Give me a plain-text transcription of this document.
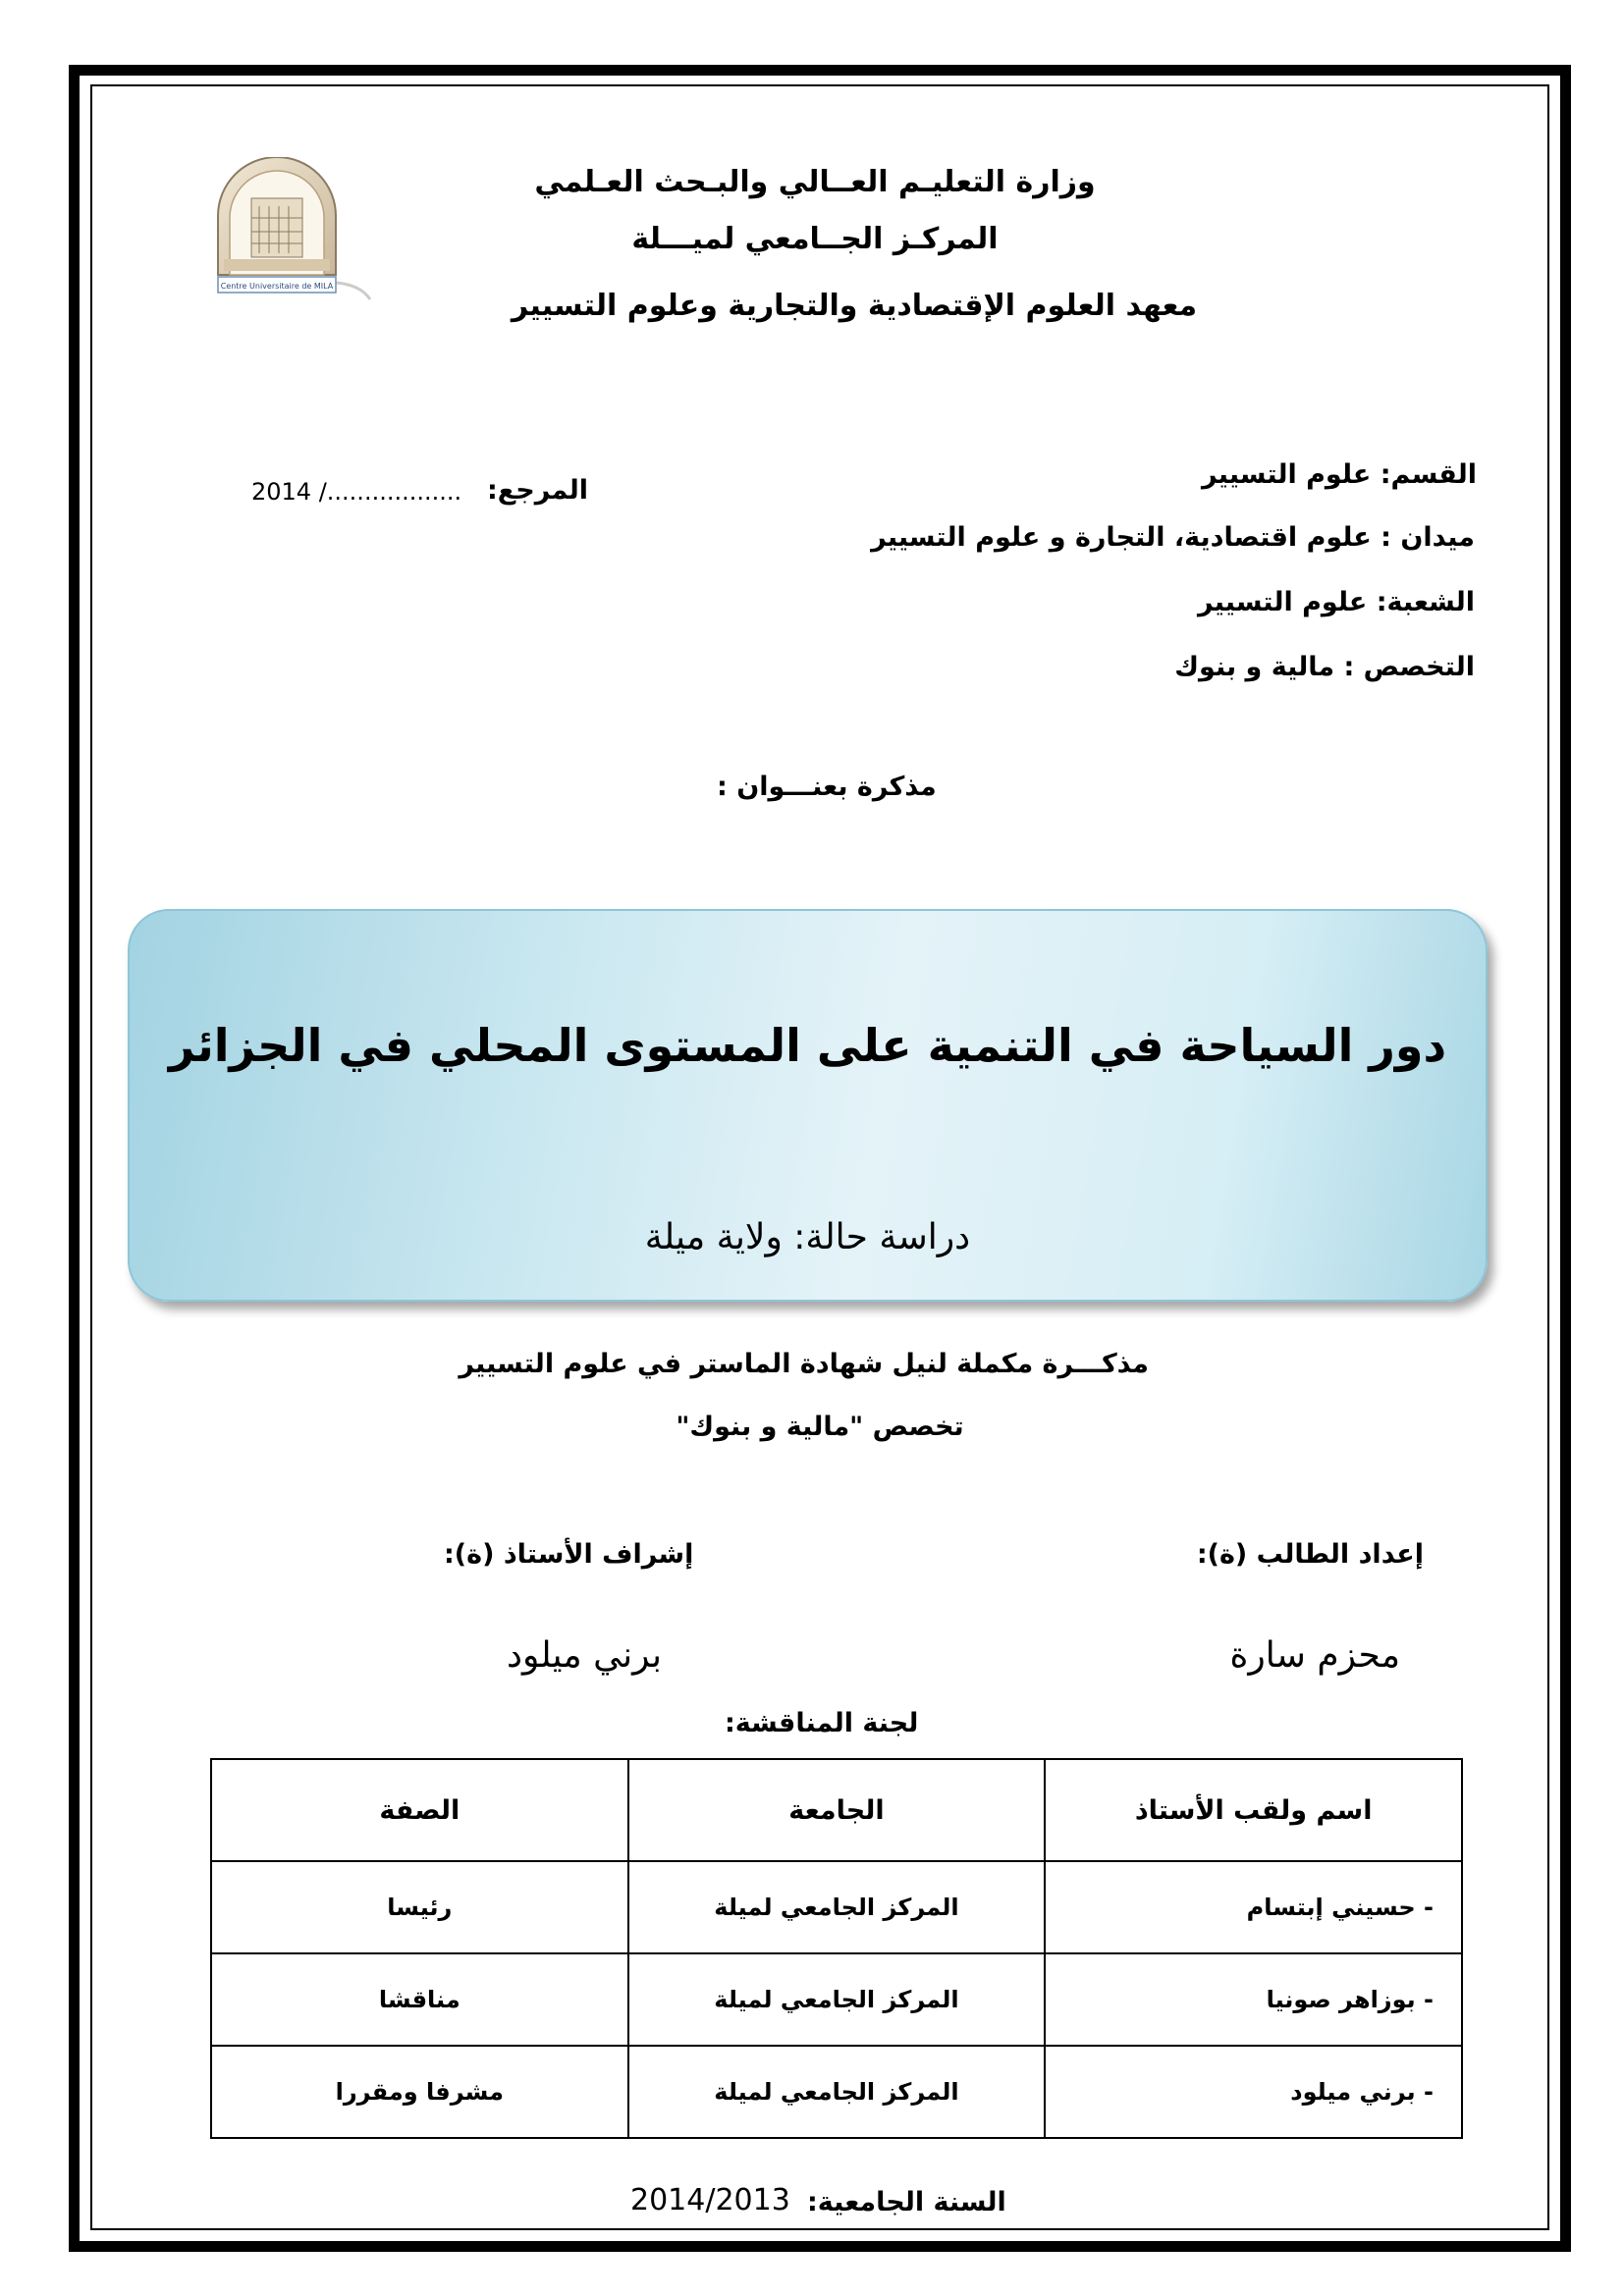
Centre Universitaire de MILA
وزارة التعليـم العــالي والبـحث العـلمي
المركـز الجــامعي لميـــلة
معهد العلوم الإقتصادية والتجارية وعلوم التسيير
القسم: علوم التسيير
ميدان : علوم اقتصادية، التجارة و علوم التسيير
الشعبة: علوم التسيير
التخصص : مالية و بنوك
المرجع:
2014 /..................
مذكرة بعنـــوان :
دور السياحة في التنمية على المستوى المحلي في الجزائر
دراسة حالة: ولاية ميلة
مذكـــرة مكملة لنيل شهادة الماستر في علوم التسيير
تخصص "مالية و بنوك"
إعداد الطالب (ة):
إشراف الأستاذ (ة):
محزم سارة
برني ميلود
لجنة المناقشة:
اسم ولقب الأستاذ	الجامعة	الصفة
- حسيني إبتسام	المركز الجامعي لميلة	رئيسا
- بوزاهر صونيا	المركز الجامعي لميلة	مناقشا
- برني ميلود	المركز الجامعي لميلة	مشرفا ومقررا
السنة الجامعية:
2014/2013
